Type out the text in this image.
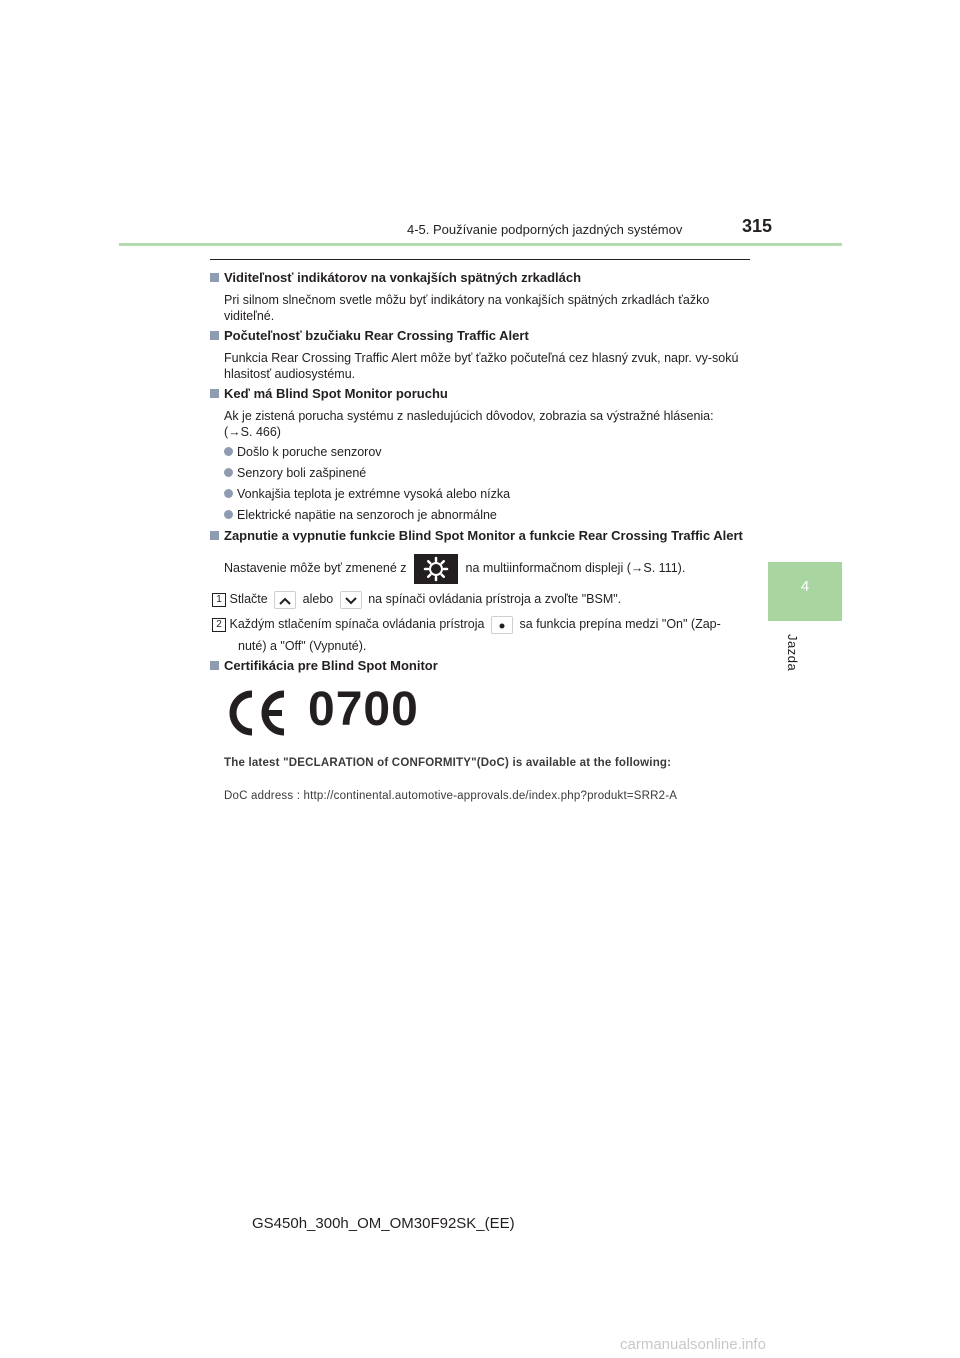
4-5. Používanie podporných jazdných systémov	315
4
Jazda
Viditeľnosť indikátorov na vonkajších spätných zrkadlách
Pri silnom slnečnom svetle môžu byť indikátory na vonkajších spätných zrkadlách ťažko viditeľné.
Počuteľnosť bzučiaku Rear Crossing Traffic Alert
Funkcia Rear Crossing Traffic Alert môže byť ťažko počuteľná cez hlasný zvuk, napr. vy-sokú hlasitosť audiosystému.
Keď má Blind Spot Monitor poruchu
Ak je zistená porucha systému z nasledujúcich dôvodov, zobrazia sa výstražné hlásenia:
(→S. 466)
Došlo k poruche senzorov
Senzory boli zašpinené
Vonkajšia teplota je extrémne vysoká alebo nízka
Elektrické napätie na senzoroch je abnormálne
Zapnutie a vypnutie funkcie Blind Spot Monitor a funkcie Rear Crossing Traffic Alert
Nastavenie môže byť zmenené z	na multiinformačnom displeji (→S. 111).
1 Stlačte	alebo	na spínači ovládania prístroja a zvoľte "BSM".
2 Každým stlačením spínača ovládania prístroja	sa funkcia prepína medzi "On" (Zap-
nuté) a "Off" (Vypnuté).
Certifikácia pre Blind Spot Monitor
0700
The latest "DECLARATION of CONFORMITY"(DoC) is available at the following:
DoC address : http://continental.automotive-approvals.de/index.php?produkt=SRR2-A
GS450h_300h_OM_OM30F92SK_(EE)
carmanualsonline.info
